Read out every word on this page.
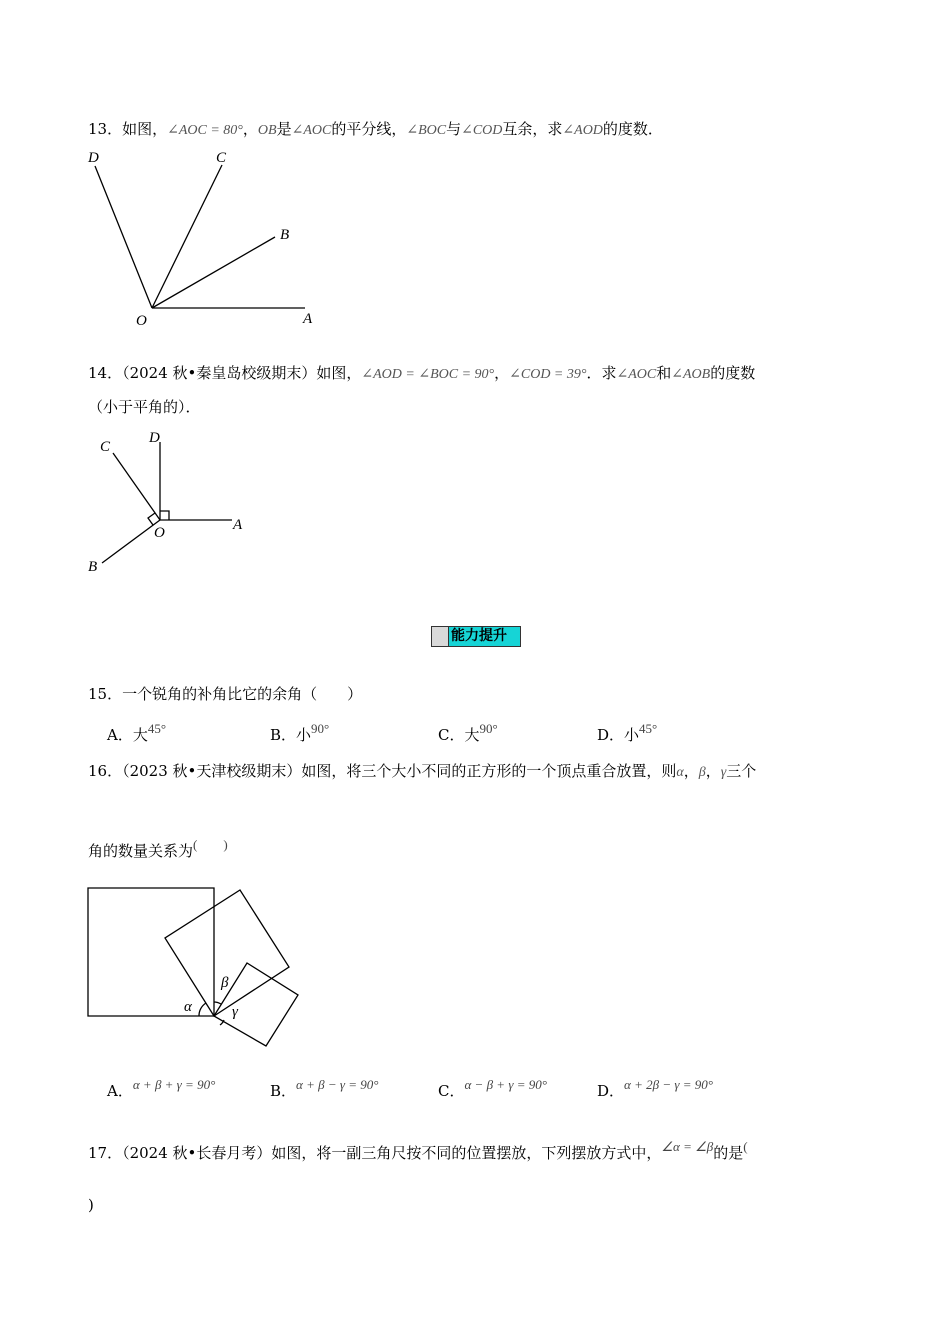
13．如图，∠AOC = 80°，OB是∠AOC的平分线，∠BOC与∠COD互余，求∠AOD的度数．
D	C
B
O	A
14．（2024 秋•秦皇岛校级期末）如图，∠AOD = ∠BOC = 90°，∠COD = 39°．求∠AOC和∠AOB的度数
（小于平角的）．
C
D
O	A
B
能力提升
15．一个锐角的补角比它的余角（　　）
A．大45°	B．小90°	C．大90°	D．小45°
16．（2023 秋•天津校级期末）如图，将三个大小不同的正方形的一个顶点重合放置，则α，β，γ三个
角的数量关系为(　　)
α
β
γ
A．α + β + γ = 90°	B．α + β − γ = 90°	C．α − β + γ = 90°	D．α + 2β − γ = 90°
17．（2024 秋•长春月考）如图，将一副三角尺按不同的位置摆放，下列摆放方式中，∠α = ∠β的是(
)
